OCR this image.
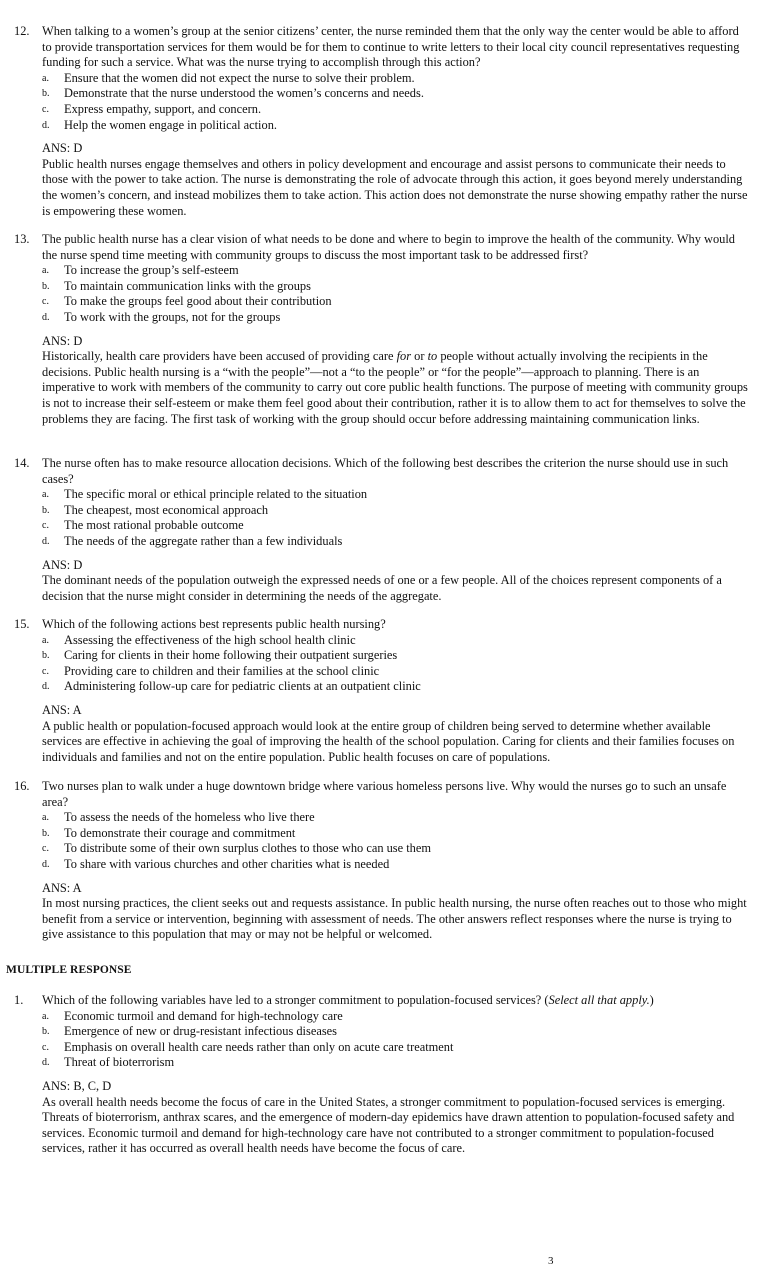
12.	When talking to a women’s group at the senior citizens’ center, the nurse reminded them that the only way the center would be able to afford to provide transportation services for them would be for them to continue to write letters to their local city council representatives requesting funding for such a service. What was the nurse trying to accomplish through this action?
a.	Ensure that the women did not expect the nurse to solve their problem.
b.	Demonstrate that the nurse understood the women’s concerns and needs.
c.	Express empathy, support, and concern.
d.	Help the women engage in political action.
ANS: D
Public health nurses engage themselves and others in policy development and encourage and assist persons to communicate their needs to those with the power to take action. The nurse is demonstrating the role of advocate through this action, it goes beyond merely understanding the women’s concern, and instead mobilizes them to take action. This action does not demonstrate the nurse showing empathy rather the nurse is empowering these women.
13.	The public health nurse has a clear vision of what needs to be done and where to begin to improve the health of the community. Why would the nurse spend time meeting with community groups to discuss the most important task to be addressed first?
a.	To increase the group’s self-esteem
b.	To maintain communication links with the groups
c.	To make the groups feel good about their contribution
d.	To work with the groups, not for the groups
ANS: D
Historically, health care providers have been accused of providing care for or to people without actually involving the recipients in the decisions. Public health nursing is a “with the people”—not a “to the people” or “for the people”—approach to planning. There is an imperative to work with members of the community to carry out core public health functions. The purpose of meeting with community groups is not to increase their self-esteem or make them feel good about their contribution, rather it is to allow them to act for themselves to solve the problems they are facing. The first task of working with the group should occur before addressing maintaining communication links.
14.	The nurse often has to make resource allocation decisions. Which of the following best describes the criterion the nurse should use in such cases?
a.	The specific moral or ethical principle related to the situation
b.	The cheapest, most economical approach
c.	The most rational probable outcome
d.	The needs of the aggregate rather than a few individuals
ANS: D
The dominant needs of the population outweigh the expressed needs of one or a few people. All of the choices represent components of a decision that the nurse might consider in determining the needs of the aggregate.
15.	Which of the following actions best represents public health nursing?
a.	Assessing the effectiveness of the high school health clinic
b.	Caring for clients in their home following their outpatient surgeries
c.	Providing care to children and their families at the school clinic
d.	Administering follow-up care for pediatric clients at an outpatient clinic
ANS: A
A public health or population-focused approach would look at the entire group of children being served to determine whether available services are effective in achieving the goal of improving the health of the school population. Caring for clients and their families focuses on individuals and families and not on the entire population. Public health focuses on care of populations.
16.	Two nurses plan to walk under a huge downtown bridge where various homeless persons live. Why would the nurses go to such an unsafe area?
a.	To assess the needs of the homeless who live there
b.	To demonstrate their courage and commitment
c.	To distribute some of their own surplus clothes to those who can use them
d.	To share with various churches and other charities what is needed
ANS: A
In most nursing practices, the client seeks out and requests assistance. In public health nursing, the nurse often reaches out to those who might benefit from a service or intervention, beginning with assessment of needs. The other answers reflect responses where the nurse is trying to give assistance to this population that may or may not be helpful or welcomed.
MULTIPLE RESPONSE
1.	Which of the following variables have led to a stronger commitment to population-focused services? (Select all that apply.)
a.	Economic turmoil and demand for high-technology care
b.	Emergence of new or drug-resistant infectious diseases
c.	Emphasis on overall health care needs rather than only on acute care treatment
d.	Threat of bioterrorism
ANS: B, C, D
As overall health needs become the focus of care in the United States, a stronger commitment to population-focused services is emerging. Threats of bioterrorism, anthrax scares, and the emergence of modern-day epidemics have drawn attention to population-focused safety and services. Economic turmoil and demand for high-technology care have not contributed to a stronger commitment to population-focused services, rather it has occurred as overall health needs have become the focus of care.
3
